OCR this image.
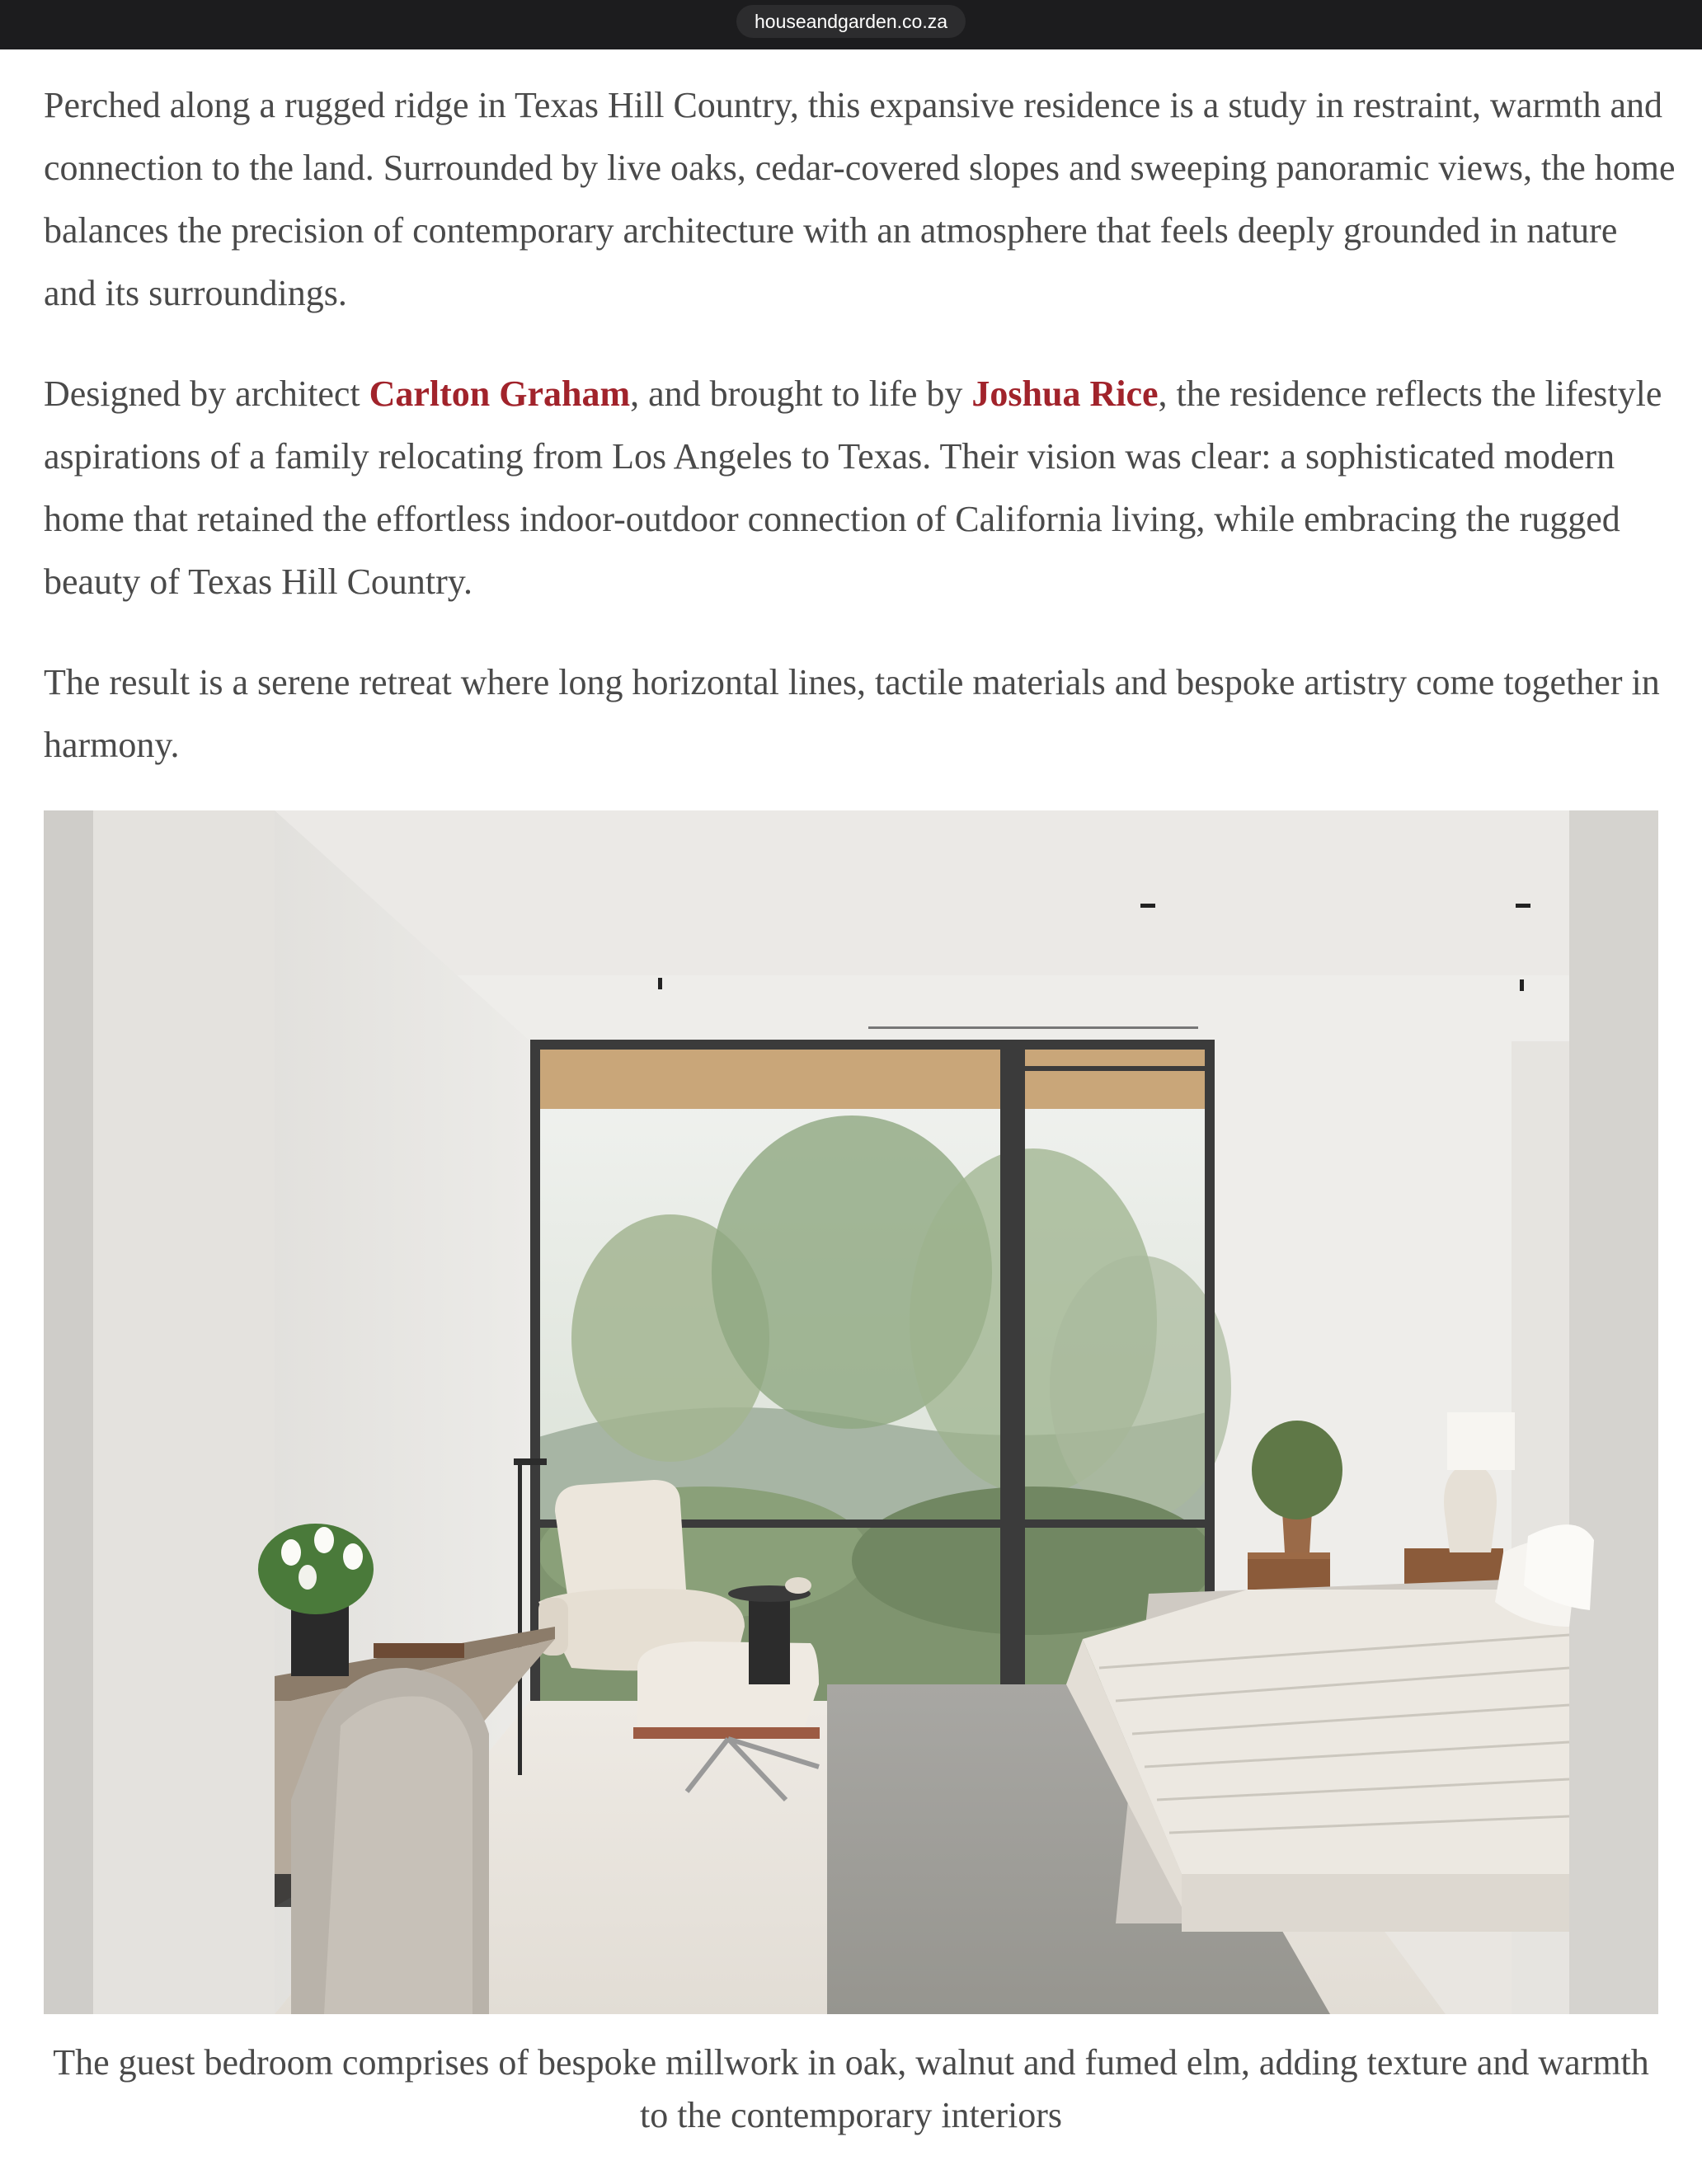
houseandgarden.co.za

Perched along a rugged ridge in Texas Hill Country, this expansive residence is a study in restraint, warmth and connection to the land. Surrounded by live oaks, cedar-covered slopes and sweeping panoramic views, the home balances the precision of contemporary architecture with an atmosphere that feels deeply grounded in nature and its surroundings.

Designed by architect Carlton Graham, and brought to life by Joshua Rice, the residence reflects the lifestyle aspirations of a family relocating from Los Angeles to Texas. Their vision was clear: a sophisticated modern home that retained the effortless indoor-outdoor connection of California living, while embracing the rugged beauty of Texas Hill Country.

The result is a serene retreat where long horizontal lines, tactile materials and bespoke artistry come together in harmony.

The guest bedroom comprises of bespoke millwork in oak, walnut and fumed elm, adding texture and warmth to the contemporary interiors
